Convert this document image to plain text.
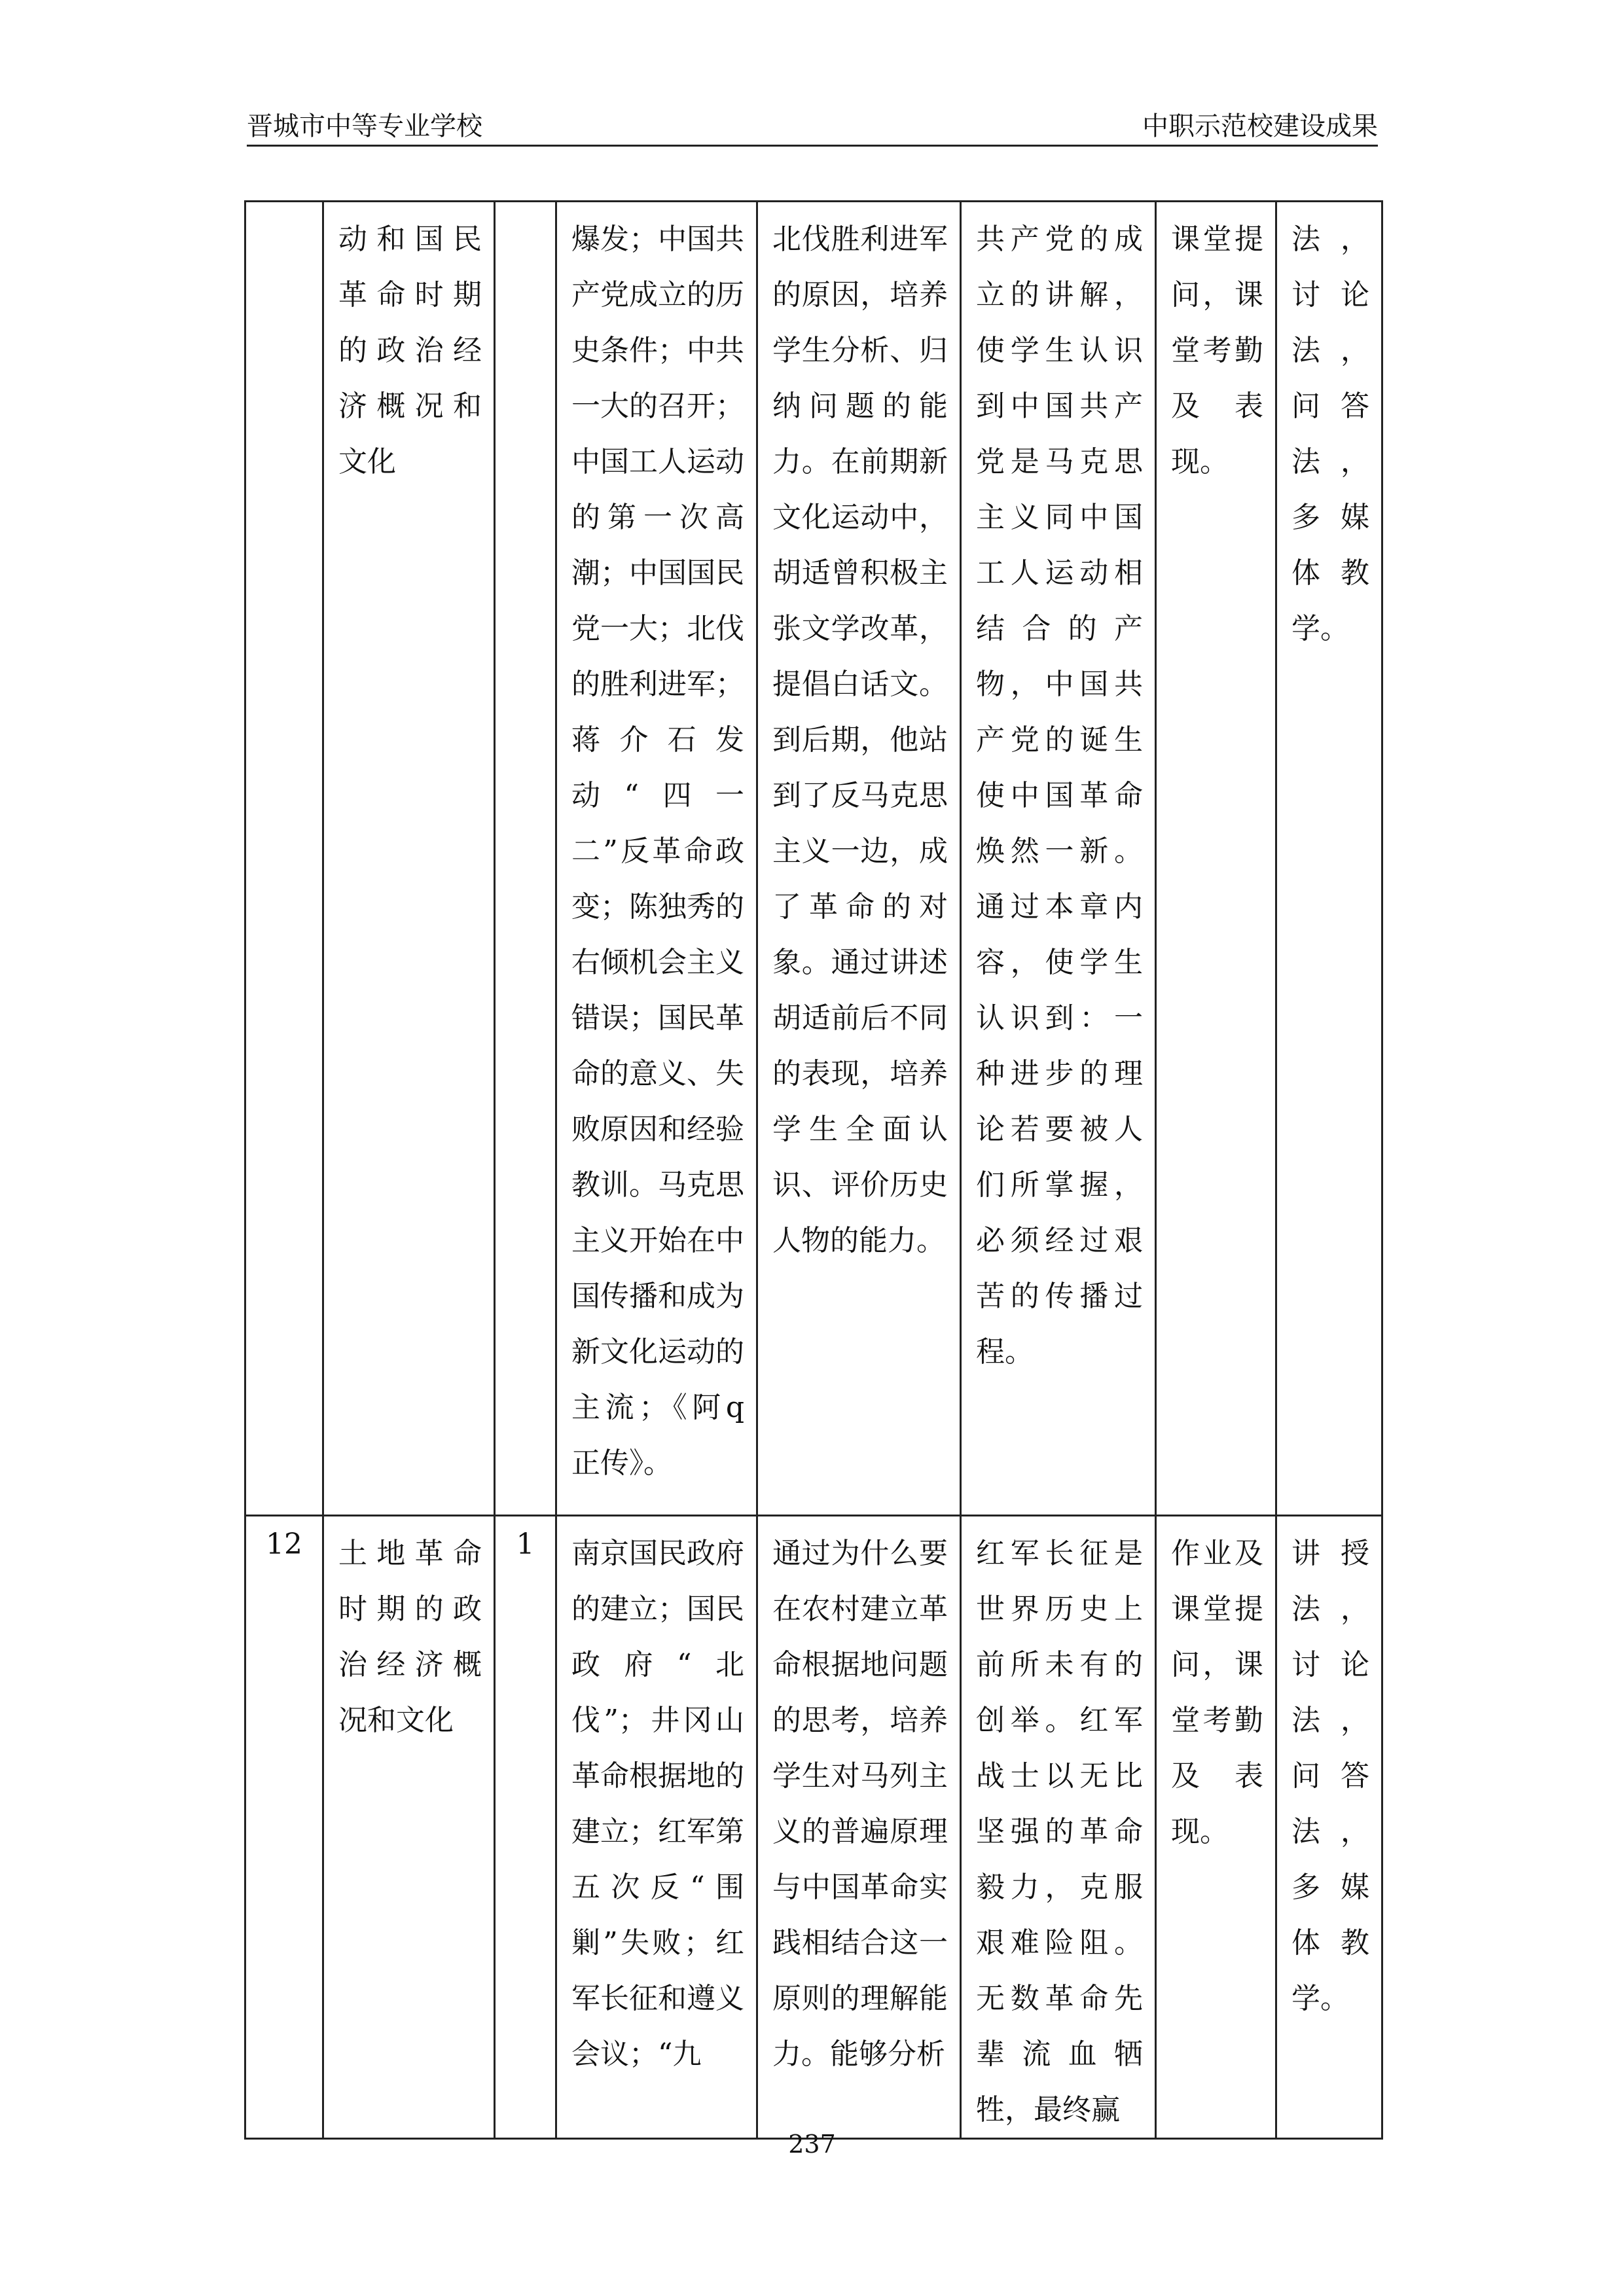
晋城市中等专业学校	中职示范校建设成果

	动和国民革命时期的政治经济概况和文化		爆发；中国共产党成立的历史条件；中共一大的召开；中国工人运动的第一次高潮；中国国民党一大；北伐的胜利进军；蒋介石发动“四一二”反革命政变；陈独秀的右倾机会主义错误；国民革命的意义、失败原因和经验教训。马克思主义开始在中国传播和成为新文化运动的主流；《阿q正传》。	北伐胜利进军的原因，培养学生分析、归纳问题的能力。在前期新文化运动中，胡适曾积极主张文学改革，提倡白话文。到后期，他站到了反马克思主义一边，成了革命的对象。通过讲述胡适前后不同的表现，培养学生全面认识、评价历史人物的能力。	共产党的成立的讲解，使学生认识到中国共产党是马克思主义同中国工人运动相结合的产物，中国共产党的诞生使中国革命焕然一新。通过本章内容，使学生认识到：一种进步的理论若要被人们所掌握，必须经过艰苦的传播过程。	课堂提问，课堂考勤及表现。	法，讨论法，问答法，多媒体教学。

12	土地革命时期的政治经济概况和文化	1	南京国民政府的建立；国民政府“北伐”；井冈山革命根据地的建立；红军第五次反“围剿”失败；红军长征和遵义会议；“九	通过为什么要在农村建立革命根据地问题的思考，培养学生对马列主义的普遍原理与中国革命实践相结合这一原则的理解能力。能够分析	红军长征是世界历史上前所未有的创举。红军战士以无比坚强的革命毅力，克服艰难险阻。无数革命先辈流血牺牲，最终赢	作业及课堂提问，课堂考勤及表现。	讲授法，讨论法，问答法，多媒体教学。
237
